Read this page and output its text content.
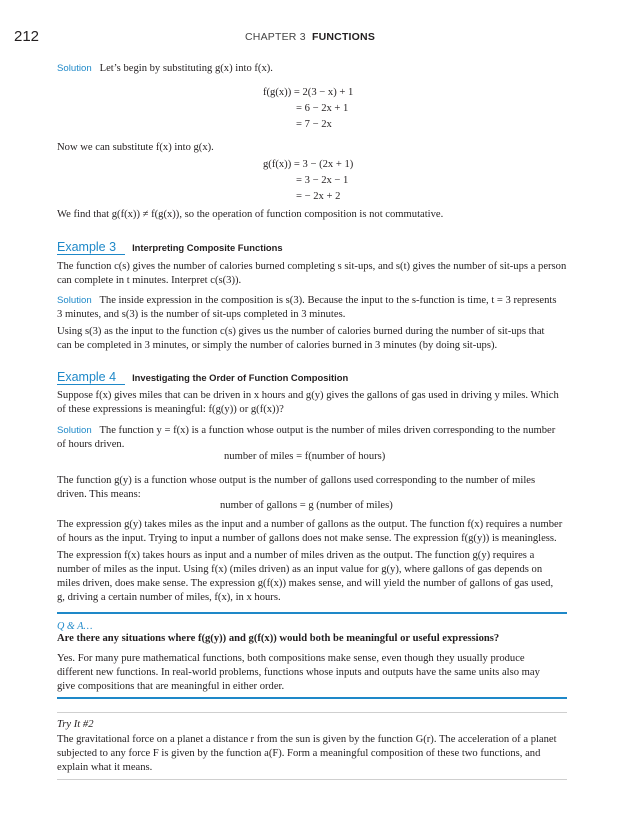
212	CHAPTER 3 FUNCTIONS
Solution Let’s begin by substituting g(x) into f(x).
f(g(x)) = 2(3 − x) + 1
= 6 − 2x + 1
= 7 − 2x
Now we can substitute f(x) into g(x).
g(f(x)) = 3 − (2x + 1)
= 3 − 2x − 1
= − 2x + 2
We find that g(f(x)) ≠ f(g(x)), so the operation of function composition is not commutative.
Example 3 Interpreting Composite Functions
The function c(s) gives the number of calories burned completing s sit-ups, and s(t) gives the number of sit-ups a person
can complete in t minutes. Interpret c(s(3)).
Solution The inside expression in the composition is s(3). Because the input to the s-function is time, t = 3 represents
3 minutes, and s(3) is the number of sit-ups completed in 3 minutes.
Using s(3) as the input to the function c(s) gives us the number of calories burned during the number of sit-ups that
can be completed in 3 minutes, or simply the number of calories burned in 3 minutes (by doing sit-ups).
Example 4 Investigating the Order of Function Composition
Suppose f(x) gives miles that can be driven in x hours and g(y) gives the gallons of gas used in driving y miles. Which
of these expressions is meaningful: f(g(y)) or g(f(x))?
Solution The function y = f(x) is a function whose output is the number of miles driven corresponding to the number
of hours driven.
number of miles = f(number of hours)
The function g(y) is a function whose output is the number of gallons used corresponding to the number of miles
driven. This means:
number of gallons = g (number of miles)
The expression g(y) takes miles as the input and a number of gallons as the output. The function f(x) requires a number
of hours as the input. Trying to input a number of gallons does not make sense. The expression f(g(y)) is meaningless.
The expression f(x) takes hours as input and a number of miles driven as the output. The function g(y) requires a
number of miles as the input. Using f(x) (miles driven) as an input value for g(y), where gallons of gas depends on
miles driven, does make sense. The expression g(f(x)) makes sense, and will yield the number of gallons of gas used,
g, driving a certain number of miles, f(x), in x hours.
Q & A…
Are there any situations where f(g(y)) and g(f(x)) would both be meaningful or useful expressions?
Yes. For many pure mathematical functions, both compositions make sense, even though they usually produce
different new functions. In real-world problems, functions whose inputs and outputs have the same units also may
give compositions that are meaningful in either order.
Try It #2
The gravitational force on a planet a distance r from the sun is given by the function G(r). The acceleration of a planet
subjected to any force F is given by the function a(F). Form a meaningful composition of these two functions, and
explain what it means.
